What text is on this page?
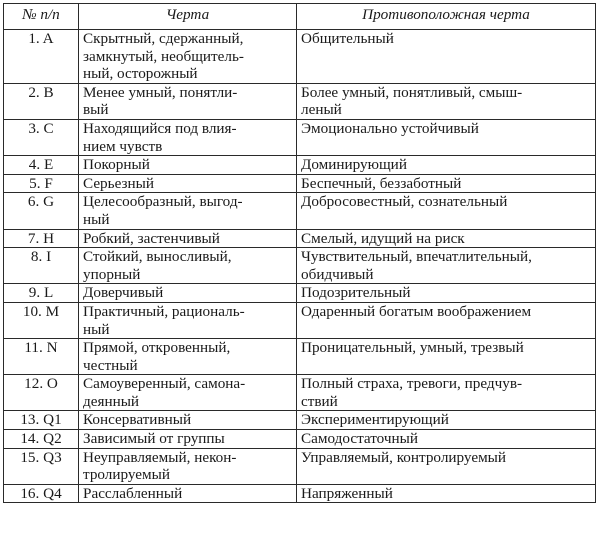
№ п/п	Черта	Противоположная черта
1. A	Скрытный, сдержанный,
замкнутый, необщитель-
ный, осторожный	Общительный

2. B	Менее умный, понятли-
вый	Более умный, понятливый, смыш-
леный

3. C	Находящийся под влия-
нием чувств	Эмоционально устойчивый

4. E	Покорный	Доминирующий

5. F	Серьезный	Беспечный, беззаботный

6. G	Целесообразный, выгод-
ный	Добросовестный, сознательный

7. H	Робкий, застенчивый	Смелый, идущий на риск

8. I	Стойкий, выносливый,
упорный	Чувствительный, впечатлительный,
обидчивый

9. L	Доверчивый	Подозрительный

10. M	Практичный, рациональ-
ный	Одаренный богатым воображением

11. N	Прямой, откровенный,
честный	Проницательный, умный, трезвый

12. O	Самоуверенный, самона-
деянный	Полный страха, тревоги, предчув-
ствий

13. Q1	Консервативный	Экспериментирующий

14. Q2	Зависимый от группы	Самодостаточный

15. Q3	Неуправляемый, некон-
тролируемый	Управляемый, контролируемый

16. Q4	Расслабленный	Напряженный
